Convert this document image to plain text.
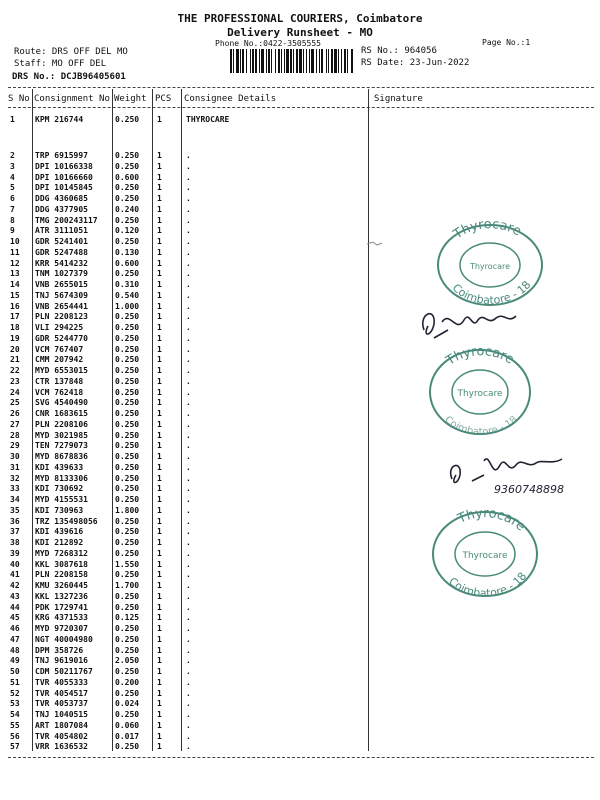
THE PROFESSIONAL COURIERS, Coimbatore
Delivery Runsheet - MO
Phone No.:0422-3505555	Page No.:1
Route: DRS OFF DEL MO
Staff: MO OFF DEL
DRS No.: DCJB96405601
RS No.: 964056
RS Date: 23-Jun-2022
S No Consignment No Weight PCS Consignee Details	Signature
1	KPM 216744	0.250 1	THYROCARE
2	TRP 6915997	0.250 1	.
3	DPI 10166338	0.250 1	.
4	DPI 10166660	0.600 1	.
5	DPI 10145845	0.250 1	.
6	DDG 4360685	0.250 1	.
7	DDG 4377905	0.240 1	.
8	TMG 200243117 0.250 1	.
9	ATR 3111051	0.120 1	.
10 GDR 5241401	0.250 1	.
11 GDR 5247488	0.130 1	.
12 KRR 5414232	0.600 1	.
13 TNM 1027379	0.250 1	.
14 VNB 2655015	0.310 1	.
15 TNJ 5674309	0.540 1	.
16 VNB 2654441	1.000 1	.
17 PLN 2208123	0.250 1	.
18 VLI 294225	0.250 1	.
19 GDR 5244770	0.250 1	.
20 VCM 767407	0.250 1	.
21 CMM 207942	0.250 1	.
22 MYD 6553015	0.250 1	.
23 CTR 137848	0.250 1	.
24 VCM 762418	0.250 1	.
25 SVG 4540490	0.250 1	.
26 CNR 1683615	0.250 1	.
27 PLN 2208106	0.250 1	.
28 MYD 3021985	0.250 1	.
29 TEN 7279073	0.250 1	.
30 MYD 8678836	0.250 1	.
31 KDI 439633	0.250 1	.
32 MYD 8133306	0.250 1	.
33 KDI 730692	0.250 1	.
34 MYD 4155531	0.250 1	.
35 KDI 730963	1.800 1	.
36 TRZ 135498056 0.250 1	.
37 KDI 439616	0.250 1	.
38 KDI 212892	0.250 1	.
39 MYD 7268312	0.250 1	.
40 KKL 3087618	1.550 1	.
41 PLN 2208158	0.250 1	.
42 KMU 3260445	1.700 1	.
43 KKL 1327236	0.250 1	.
44 PDK 1729741	0.250 1	.
45 KRG 4371533	0.125 1	.
46 MYD 9720307	0.250 1	.
47 NGT 40004980	0.250 1	.
48 DPM 358726	0.250 1	.
49 TNJ 9619016	2.050 1	.
50 CDM 50211767	0.250 1	.
51 TVR 4055333	0.200 1	.
52 TVR 4054517	0.250 1	.
53 TVR 4053737	0.024 1	.
54 TNJ 1040515	0.250 1	.
55 ART 1807084	0.060 1	.
56 TVR 4054802	0.017 1	.
57 VRR 1636532	0.250 1	.
Thyrocare
Coimbatore - 18
Thyrocare
Thyrocare
Coimbatore - 18
Thyrocare
Thyrocare
Coimbatore - 18
Thyrocare
9360748898
